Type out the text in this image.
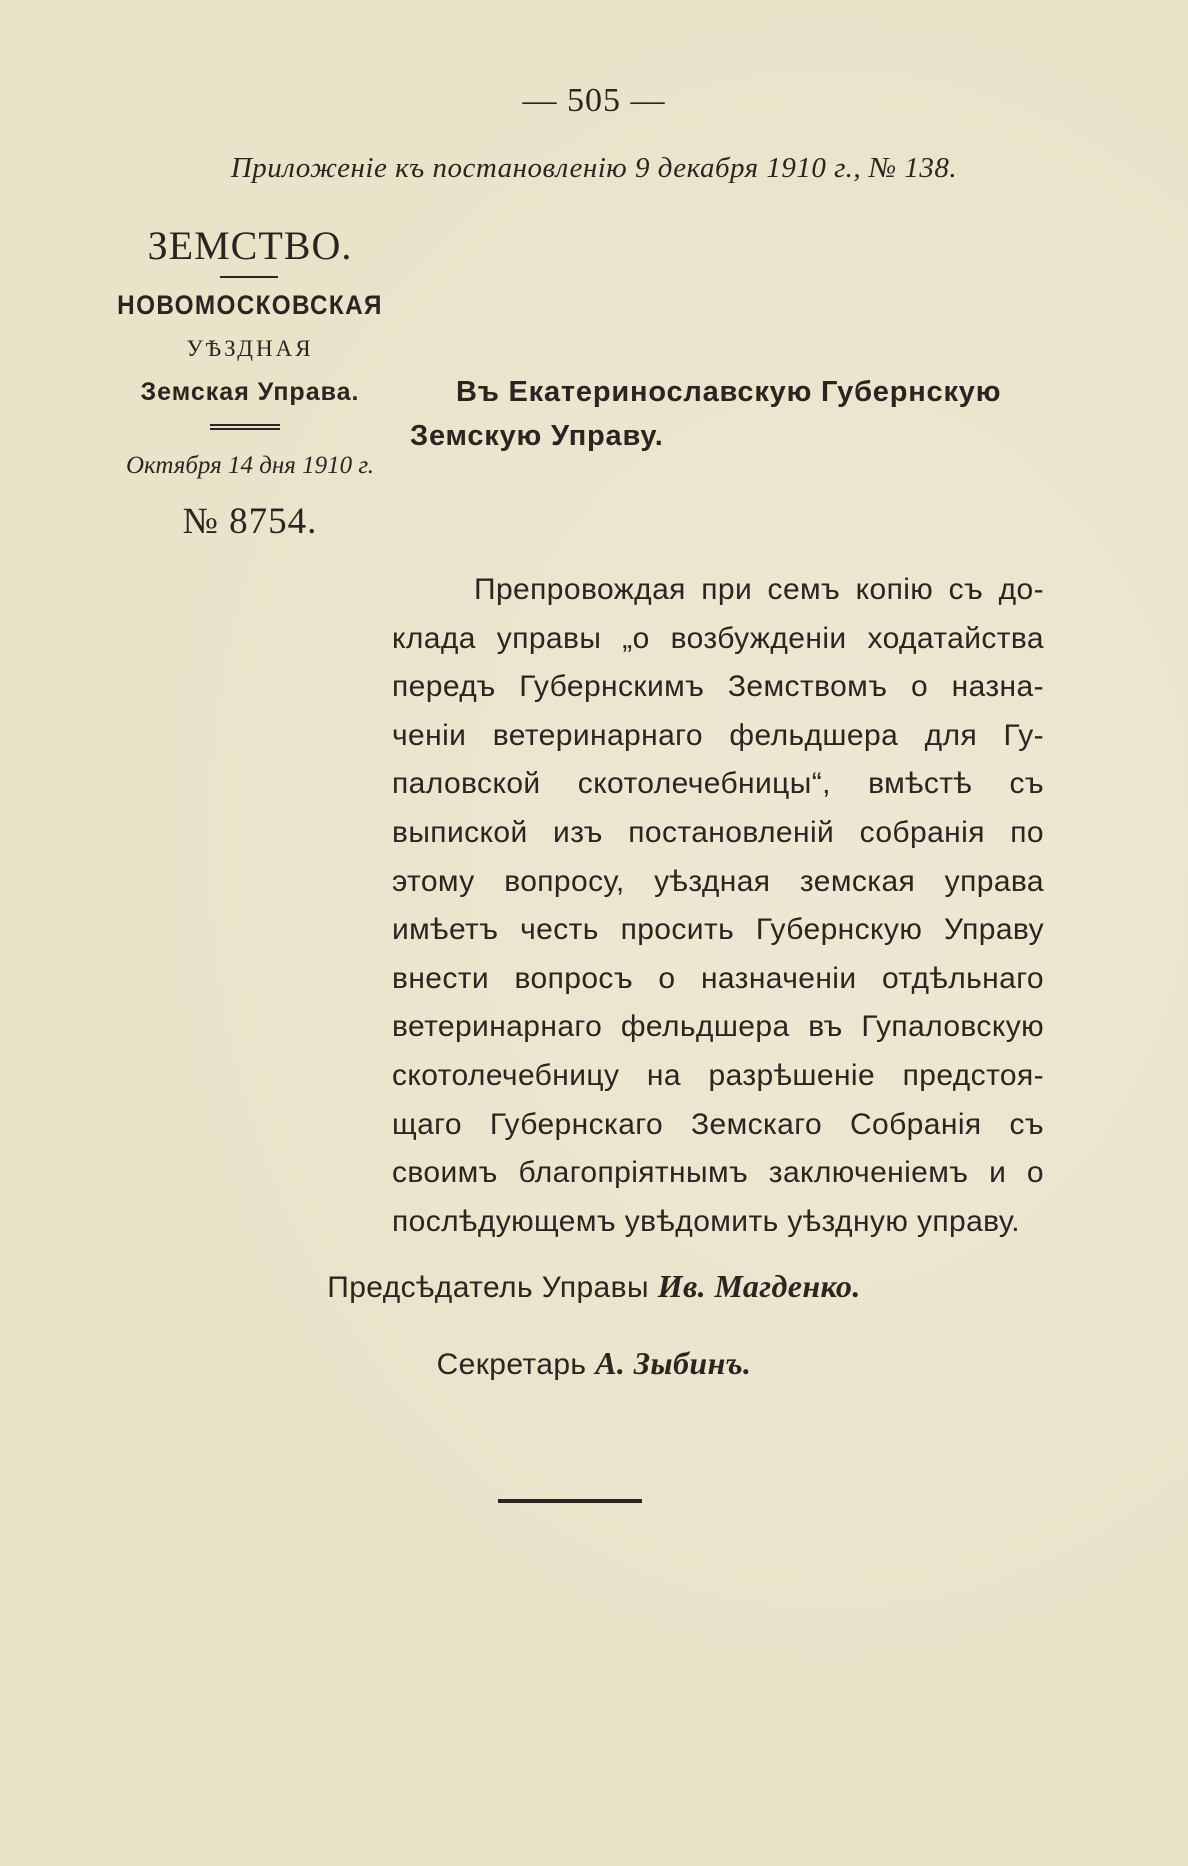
— 505 —
Приложеніе къ постановленію 9 декабря 1910 г., № 138.
ЗЕМСТВО.
НОВОМОСКОВСКАЯ
УѢЗДНАЯ
Земская Управа.
Октября 14 дня 1910 г.
№ 8754.
Въ Екатеринославскую Губернскую
Земскую Управу.
Препровождая при семъ копію съ до-
клада управы „о возбужденіи ходатайства
передъ Губернскимъ Земствомъ о назна-
ченіи ветеринарнаго фельдшера для Гу-
паловской скотолечебницы“, вмѣстѣ съ
выпиской изъ постановленій собранія по
этому вопросу, уѣздная земская управа
имѣетъ честь просить Губернскую Управу
внести вопросъ о назначеніи отдѣльнаго
ветеринарнаго фельдшера въ Гупаловскую
скотолечебницу на разрѣшеніе предстоя-
щаго Губернскаго Земскаго Собранія съ
своимъ благопріятнымъ заключеніемъ и о
послѣдующемъ увѣдомить уѣздную управу.
Предсѣдатель Управы Ив. Магденко.
Секретарь А. Зыбинъ.
